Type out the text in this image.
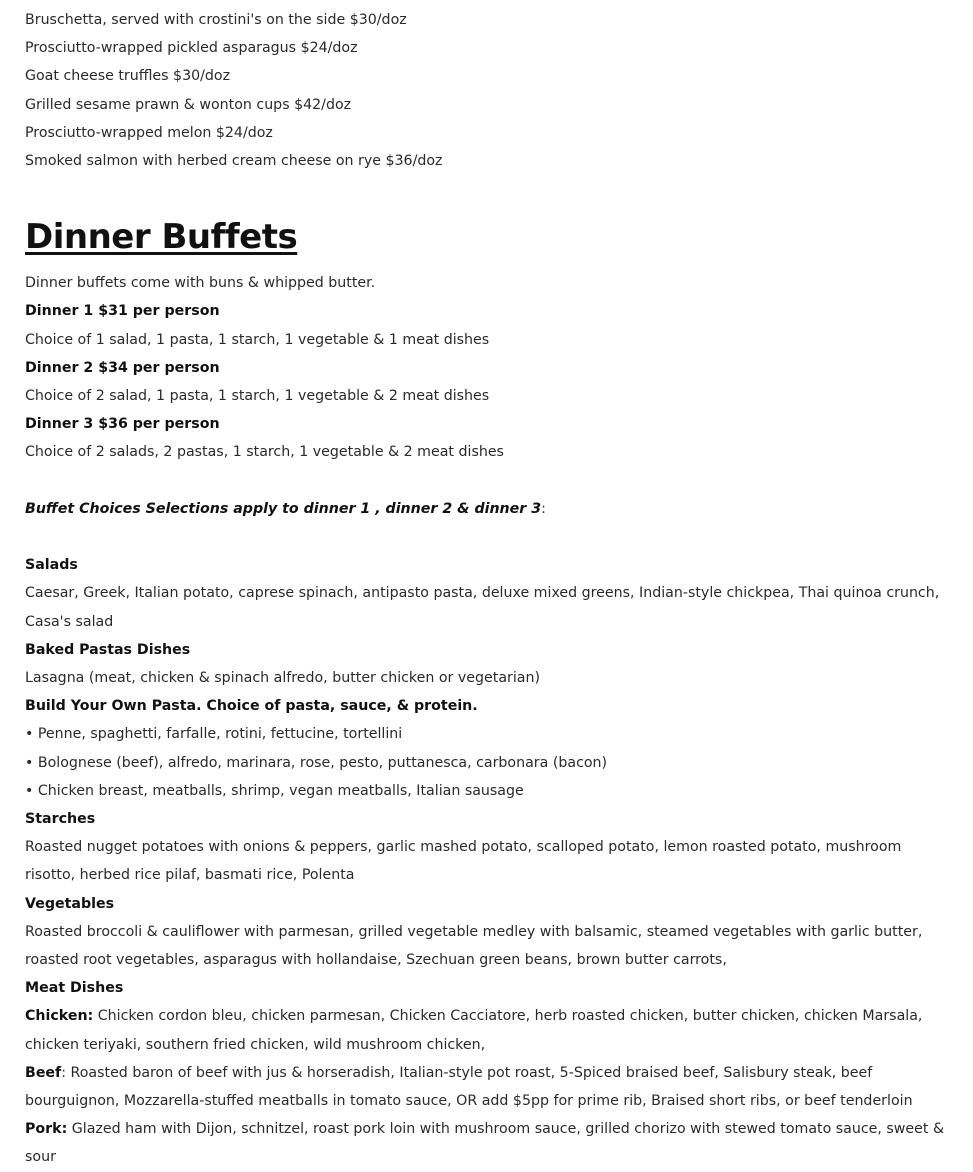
Bruschetta, served with crostini's on the side $30/doz

Prosciutto-wrapped pickled asparagus $24/doz

Goat cheese truffles $30/doz

Grilled sesame prawn & wonton cups $42/doz

Prosciutto-wrapped melon $24/doz

Smoked salmon with herbed cream cheese on rye $36/doz

Dinner Buffets

Dinner buffets come with buns & whipped butter.

Dinner 1 $31 per person

Choice of 1 salad, 1 pasta, 1 starch, 1 vegetable & 1 meat dishes

Dinner 2 $34 per person

Choice of 2 salad, 1 pasta, 1 starch, 1 vegetable & 2 meat dishes

Dinner 3 $36 per person

Choice of 2 salads, 2 pastas, 1 starch, 1 vegetable & 2 meat dishes

Buffet Choices Selections apply to dinner 1 , dinner 2 & dinner 3:

Salads

Caesar, Greek, Italian potato, caprese spinach, antipasto pasta, deluxe mixed greens, Indian-style chickpea, Thai quinoa crunch, Casa's salad

Baked Pastas Dishes

Lasagna (meat, chicken & spinach alfredo, butter chicken or vegetarian)

Build Your Own Pasta. Choice of pasta, sauce, & protein.

• Penne, spaghetti, farfalle, rotini, fettucine, tortellini

• Bolognese (beef), alfredo, marinara, rose, pesto, puttanesca, carbonara (bacon)

• Chicken breast, meatballs, shrimp, vegan meatballs, Italian sausage

Starches

Roasted nugget potatoes with onions & peppers, garlic mashed potato, scalloped potato, lemon roasted potato, mushroom risotto, herbed rice pilaf, basmati rice, Polenta

Vegetables

Roasted broccoli & cauliflower with parmesan, grilled vegetable medley with balsamic, steamed vegetables with garlic butter, roasted root vegetables, asparagus with hollandaise, Szechuan green beans, brown butter carrots,

Meat Dishes

Chicken: Chicken cordon bleu, chicken parmesan, Chicken Cacciatore, herb roasted chicken, butter chicken, chicken Marsala, chicken teriyaki, southern fried chicken, wild mushroom chicken,

Beef: Roasted baron of beef with jus & horseradish, Italian-style pot roast, 5-Spiced braised beef, Salisbury steak, beef bourguignon, Mozzarella-stuffed meatballs in tomato sauce, OR add $5pp for prime rib, Braised short ribs, or beef tenderloin

Pork: Glazed ham with Dijon, schnitzel, roast pork loin with mushroom sauce, grilled chorizo with stewed tomato sauce, sweet & sour
